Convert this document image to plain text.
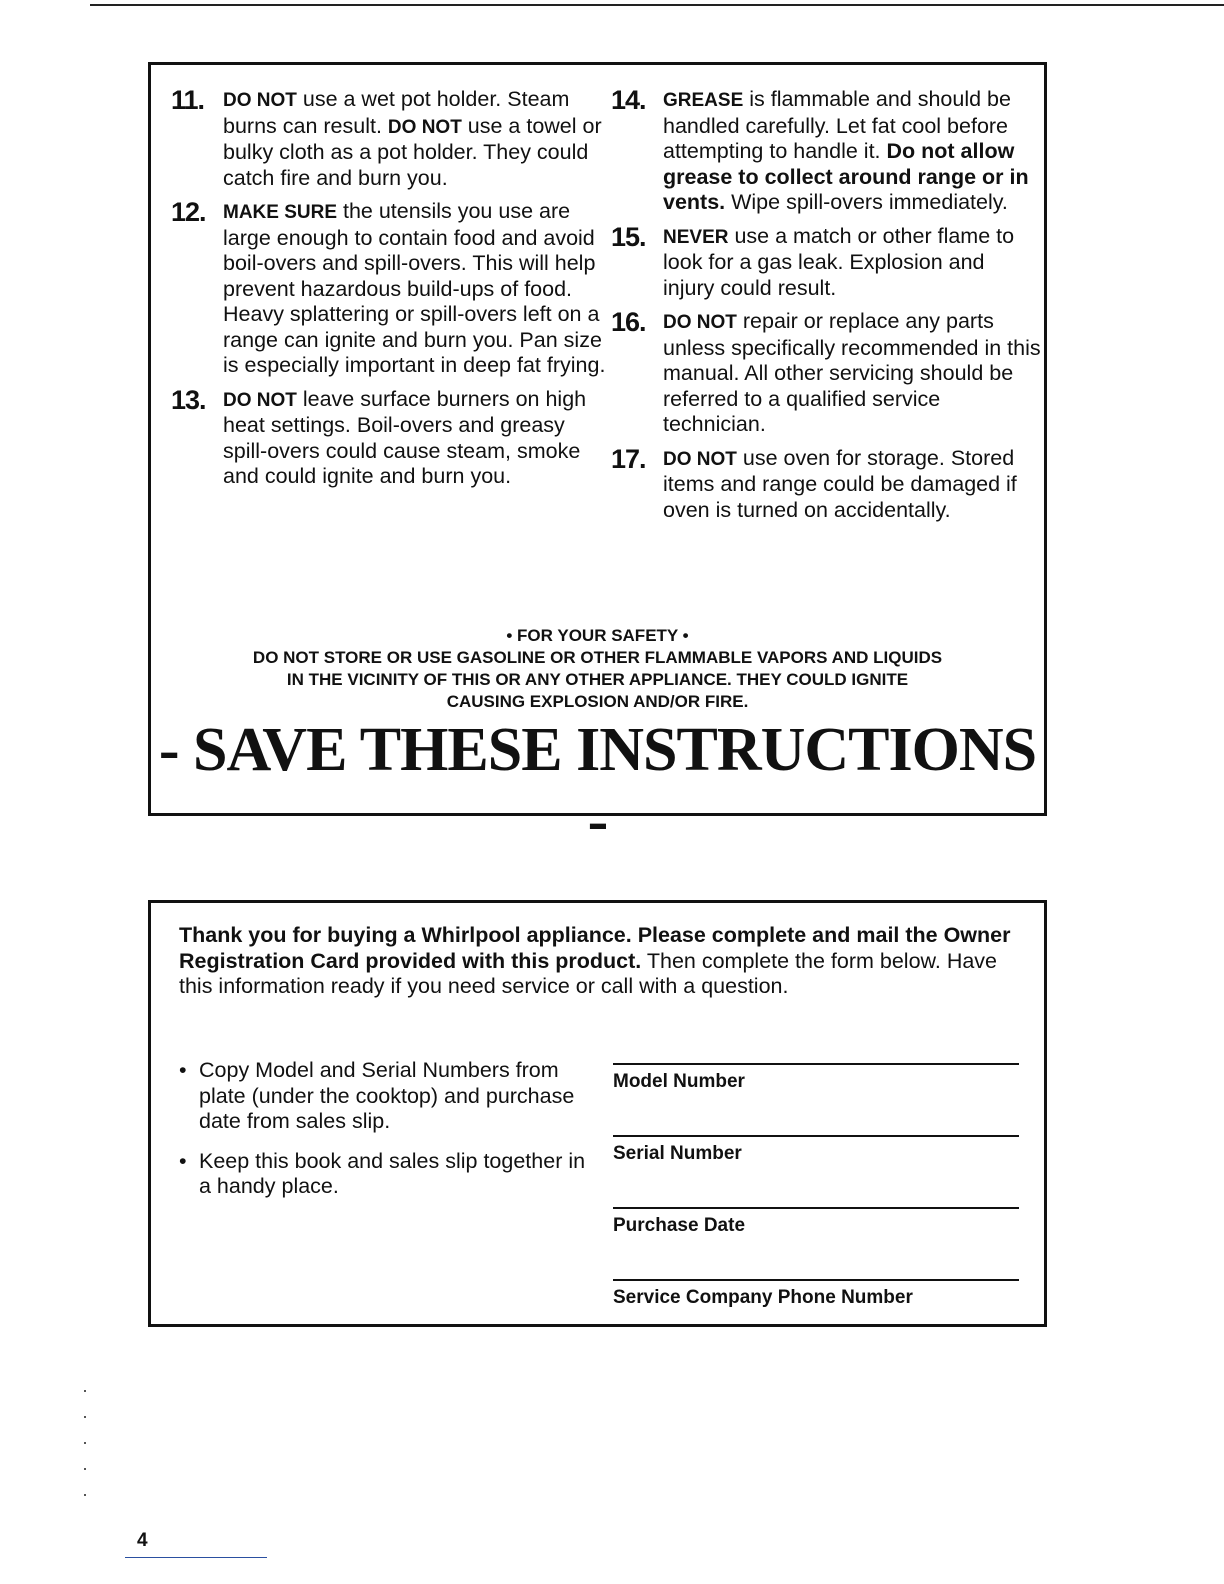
11. DO NOT use a wet pot holder. Steam burns can result. DO NOT use a towel or bulky cloth as a pot holder. They could catch fire and burn you.
12. MAKE SURE the utensils you use are large enough to contain food and avoid boil-overs and spill-overs. This will help prevent hazardous build-ups of food. Heavy splattering or spill-overs left on a range can ignite and burn you. Pan size is especially important in deep fat frying.
13. DO NOT leave surface burners on high heat settings. Boil-overs and greasy spill-overs could cause steam, smoke and could ignite and burn you.
14. GREASE is flammable and should be handled carefully. Let fat cool before attempting to handle it. Do not allow grease to collect around range or in vents. Wipe spill-overs immediately.
15. NEVER use a match or other flame to look for a gas leak. Explosion and injury could result.
16. DO NOT repair or replace any parts unless specifically recommended in this manual. All other servicing should be referred to a qualified service technician.
17. DO NOT use oven for storage. Stored items and range could be damaged if oven is turned on accidentally.
• FOR YOUR SAFETY •
DO NOT STORE OR USE GASOLINE OR OTHER FLAMMABLE VAPORS AND LIQUIDS
IN THE VICINITY OF THIS OR ANY OTHER APPLIANCE. THEY COULD IGNITE
CAUSING EXPLOSION AND/OR FIRE.
- SAVE THESE INSTRUCTIONS -
Thank you for buying a Whirlpool appliance. Please complete and mail the Owner Registration Card provided with this product. Then complete the form below. Have this information ready if you need service or call with a question.
• Copy Model and Serial Numbers from plate (under the cooktop) and purchase date from sales slip.
• Keep this book and sales slip together in a handy place.
Model Number
Serial Number
Purchase Date
Service Company Phone Number
4
